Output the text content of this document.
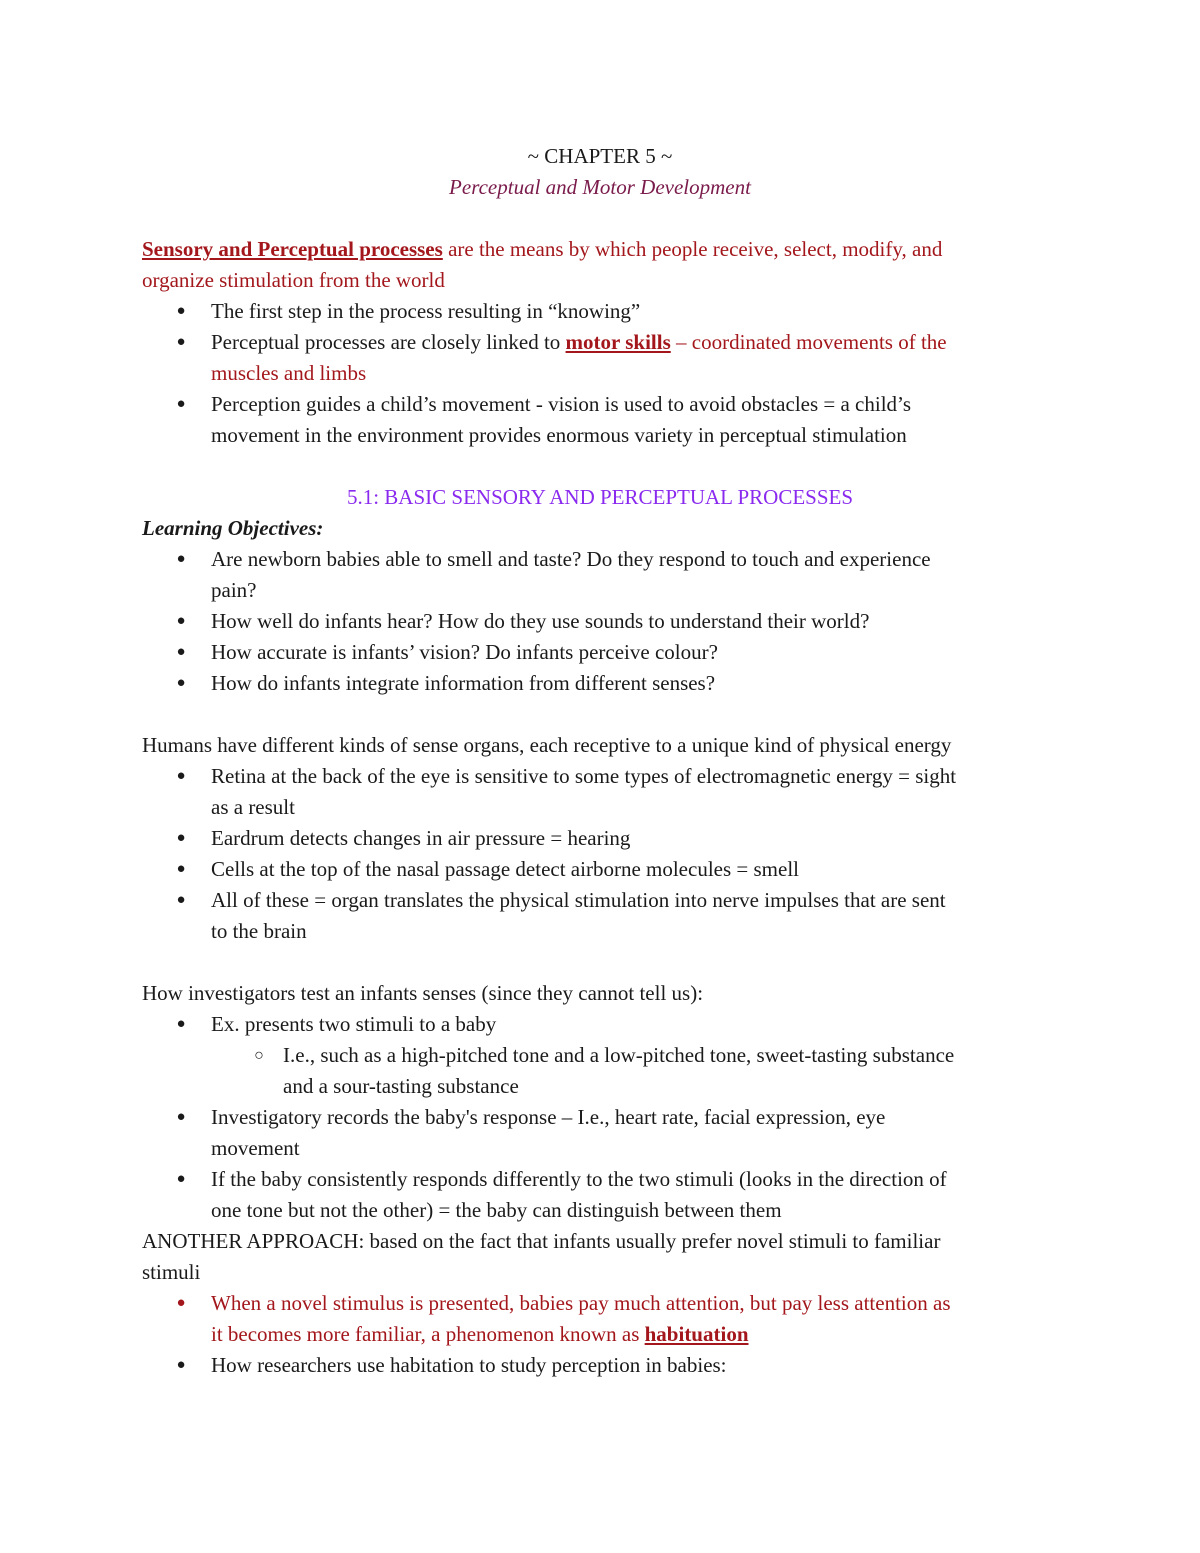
~ CHAPTER 5 ~
Perceptual and Motor Development
Sensory and Perceptual processes are the means by which people receive, select, modify, and
organize stimulation from the world
● The first step in the process resulting in “knowing”
● Perceptual processes are closely linked to motor skills – coordinated movements of the
muscles and limbs
● Perception guides a child’s movement - vision is used to avoid obstacles = a child’s
movement in the environment provides enormous variety in perceptual stimulation
5.1: BASIC SENSORY AND PERCEPTUAL PROCESSES
Learning Objectives:
● Are newborn babies able to smell and taste? Do they respond to touch and experience
pain?
● How well do infants hear? How do they use sounds to understand their world?
● How accurate is infants’ vision? Do infants perceive colour?
● How do infants integrate information from different senses?
Humans have different kinds of sense organs, each receptive to a unique kind of physical energy
● Retina at the back of the eye is sensitive to some types of electromagnetic energy = sight
as a result
● Eardrum detects changes in air pressure = hearing
● Cells at the top of the nasal passage detect airborne molecules = smell
● All of these = organ translates the physical stimulation into nerve impulses that are sent
to the brain
How investigators test an infants senses (since they cannot tell us):
● Ex. presents two stimuli to a baby
○ I.e., such as a high-pitched tone and a low-pitched tone, sweet-tasting substance
and a sour-tasting substance
● Investigatory records the baby's response – I.e., heart rate, facial expression, eye
movement
● If the baby consistently responds differently to the two stimuli (looks in the direction of
one tone but not the other) = the baby can distinguish between them
ANOTHER APPROACH: based on the fact that infants usually prefer novel stimuli to familiar
stimuli
● When a novel stimulus is presented, babies pay much attention, but pay less attention as
it becomes more familiar, a phenomenon known as habituation
● How researchers use habitation to study perception in babies:
